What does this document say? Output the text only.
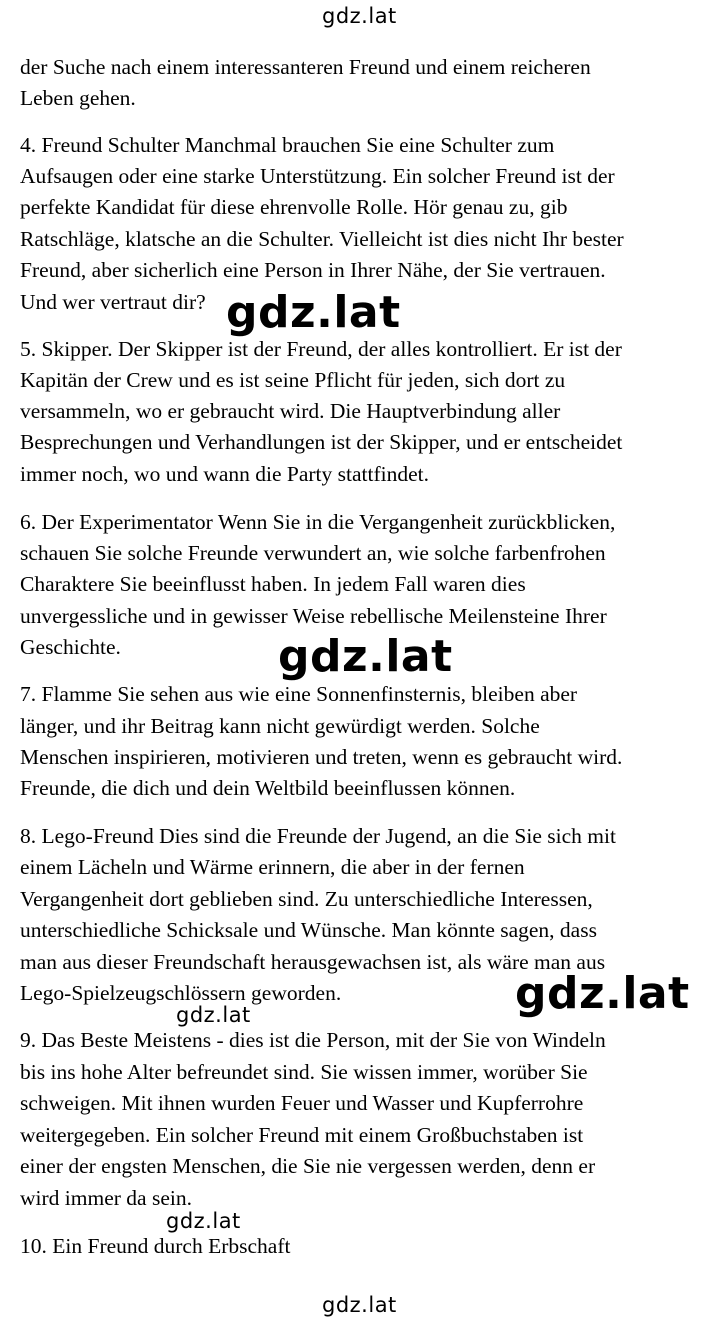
gdz.lat
der Suche nach einem interessanteren Freund und einem reicheren
Leben gehen.
4. Freund Schulter Manchmal brauchen Sie eine Schulter zum
Aufsaugen oder eine starke Unterstützung. Ein solcher Freund ist der
perfekte Kandidat für diese ehrenvolle Rolle. Hör genau zu, gib
Ratschläge, klatsche an die Schulter. Vielleicht ist dies nicht Ihr bester
Freund, aber sicherlich eine Person in Ihrer Nähe, der Sie vertrauen.
Und wer vertraut dir? gdz.lat
5. Skipper. Der Skipper ist der Freund, der alles kontrolliert. Er ist der
Kapitän der Crew und es ist seine Pflicht für jeden, sich dort zu
versammeln, wo er gebraucht wird. Die Hauptverbindung aller
Besprechungen und Verhandlungen ist der Skipper, und er entscheidet
immer noch, wo und wann die Party stattfindet.
6. Der Experimentator Wenn Sie in die Vergangenheit zurückblicken,
schauen Sie solche Freunde verwundert an, wie solche farbenfrohen
Charaktere Sie beeinflusst haben. In jedem Fall waren dies
unvergessliche und in gewisser Weise rebellische Meilensteine Ihrer
Geschichte.	gdz.lat
7. Flamme Sie sehen aus wie eine Sonnenfinsternis, bleiben aber
länger, und ihr Beitrag kann nicht gewürdigt werden. Solche
Menschen inspirieren, motivieren und treten, wenn es gebraucht wird.
Freunde, die dich und dein Weltbild beeinflussen können.
8. Lego-Freund Dies sind die Freunde der Jugend, an die Sie sich mit
einem Lächeln und Wärme erinnern, die aber in der fernen
Vergangenheit dort geblieben sind. Zu unterschiedliche Interessen,
unterschiedliche Schicksale und Wünsche. Man könnte sagen, dass
man aus dieser Freundschaft herausgewachsen ist, als wäre man aus
Lego-Spielzeugschlössern geworden.	gdz.lat
gdz.lat
9. Das Beste Meistens - dies ist die Person, mit der Sie von Windeln
bis ins hohe Alter befreundet sind. Sie wissen immer, worüber Sie
schweigen. Mit ihnen wurden Feuer und Wasser und Kupferrohre
weitergegeben. Ein solcher Freund mit einem Großbuchstaben ist
einer der engsten Menschen, die Sie nie vergessen werden, denn er
wird immer da sein.
gdz.lat
10. Ein Freund durch Erbschaft
gdz.lat
